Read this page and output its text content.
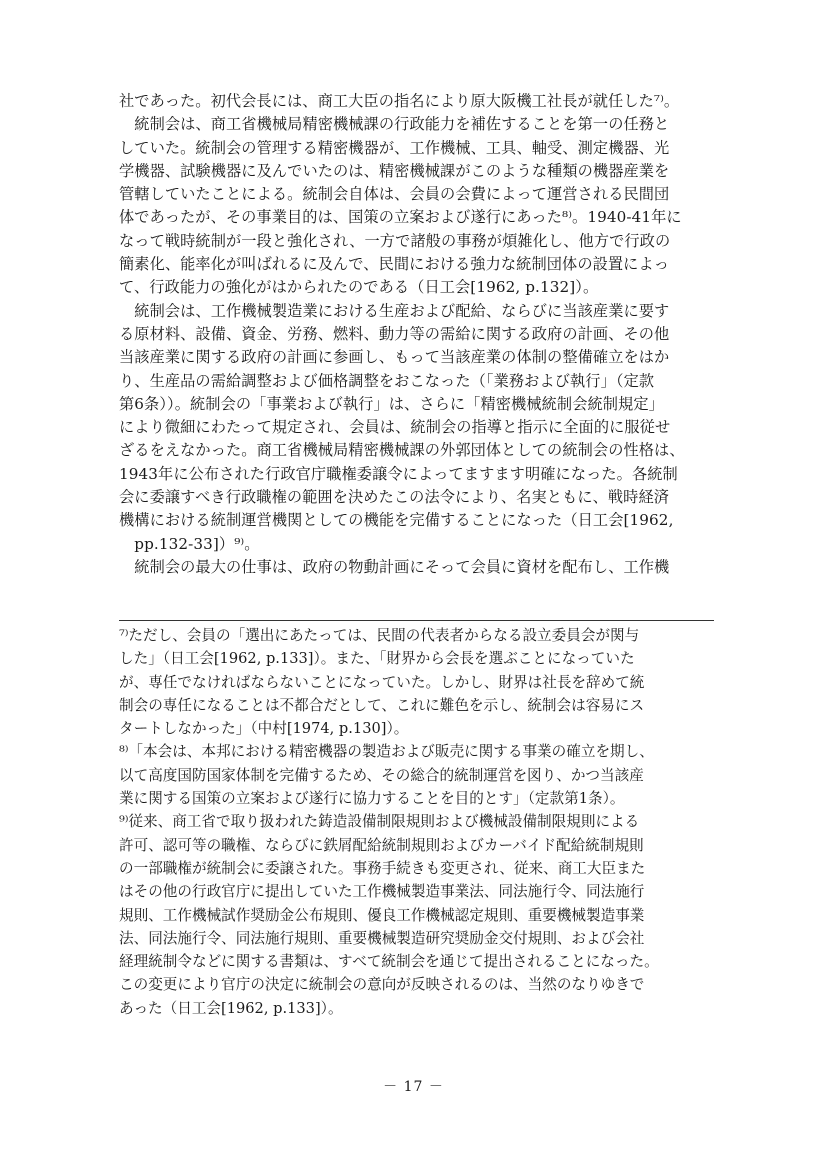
社であった。初代会長には、商工大臣の指名により原大阪機工社長が就任した⁷⁾。
　統制会は、商工省機械局精密機械課の行政能力を補佐することを第一の任務と
していた。統制会の管理する精密機器が、工作機械、工具、軸受、測定機器、光
学機器、試験機器に及んでいたのは、精密機械課がこのような種類の機器産業を
管轄していたことによる。統制会自体は、会員の会費によって運営される民間団
体であったが、その事業目的は、国策の立案および遂行にあった⁸⁾。1940-41年に
なって戦時統制が一段と強化され、一方で諸般の事務が煩雑化し、他方で行政の
簡素化、能率化が叫ばれるに及んで、民間における強力な統制団体の設置によっ
て、行政能力の強化がはかられたのである（日工会[1962, p.132]）。
　統制会は、工作機械製造業における生産および配給、ならびに当該産業に要す
る原材料、設備、資金、労務、燃料、動力等の需給に関する政府の計画、その他
当該産業に関する政府の計画に参画し、もって当該産業の体制の整備確立をはか
り、生産品の需給調整および価格調整をおこなった（「業務および執行」（定款
第6条））。統制会の「事業および執行」は、さらに「精密機械統制会統制規定」
により微細にわたって規定され、会員は、統制会の指導と指示に全面的に服従せ
ざるをえなかった。商工省機械局精密機械課の外郭団体としての統制会の性格は、
1943年に公布された行政官庁職権委譲令によってますます明確になった。各統制
会に委譲すべき行政職権の範囲を決めたこの法令により、名実ともに、戦時経済
機構における統制運営機関としての機能を完備することになった（日工会[1962,
　pp.132-33]）⁹⁾。
　統制会の最大の仕事は、政府の物動計画にそって会員に資材を配布し、工作機
⁷⁾ただし、会員の「選出にあたっては、民間の代表者からなる設立委員会が関与
した」（日工会[1962, p.133]）。また、「財界から会長を選ぶことになっていた
が、専任でなければならないことになっていた。しかし、財界は社長を辞めて統
制会の専任になることは不都合だとして、これに難色を示し、統制会は容易にス
タートしなかった」（中村[1974, p.130]）。
⁸⁾「本会は、本邦における精密機器の製造および販売に関する事業の確立を期し、
以て高度国防国家体制を完備するため、その総合的統制運営を図り、かつ当該産
業に関する国策の立案および遂行に協力することを目的とす」（定款第1条）。
⁹⁾従来、商工省で取り扱われた鋳造設備制限規則および機械設備制限規則による
許可、認可等の職権、ならびに鉄屑配給統制規則およびカーバイド配給統制規則
の一部職権が統制会に委譲された。事務手続きも変更され、従来、商工大臣また
はその他の行政官庁に提出していた工作機械製造事業法、同法施行令、同法施行
規則、工作機械試作奨励金公布規則、優良工作機械認定規則、重要機械製造事業
法、同法施行令、同法施行規則、重要機械製造研究奨励金交付規則、および会社
経理統制令などに関する書類は、すべて統制会を通じて提出されることになった。
この変更により官庁の決定に統制会の意向が反映されるのは、当然のなりゆきで
あった（日工会[1962, p.133]）。
－ 17 －
